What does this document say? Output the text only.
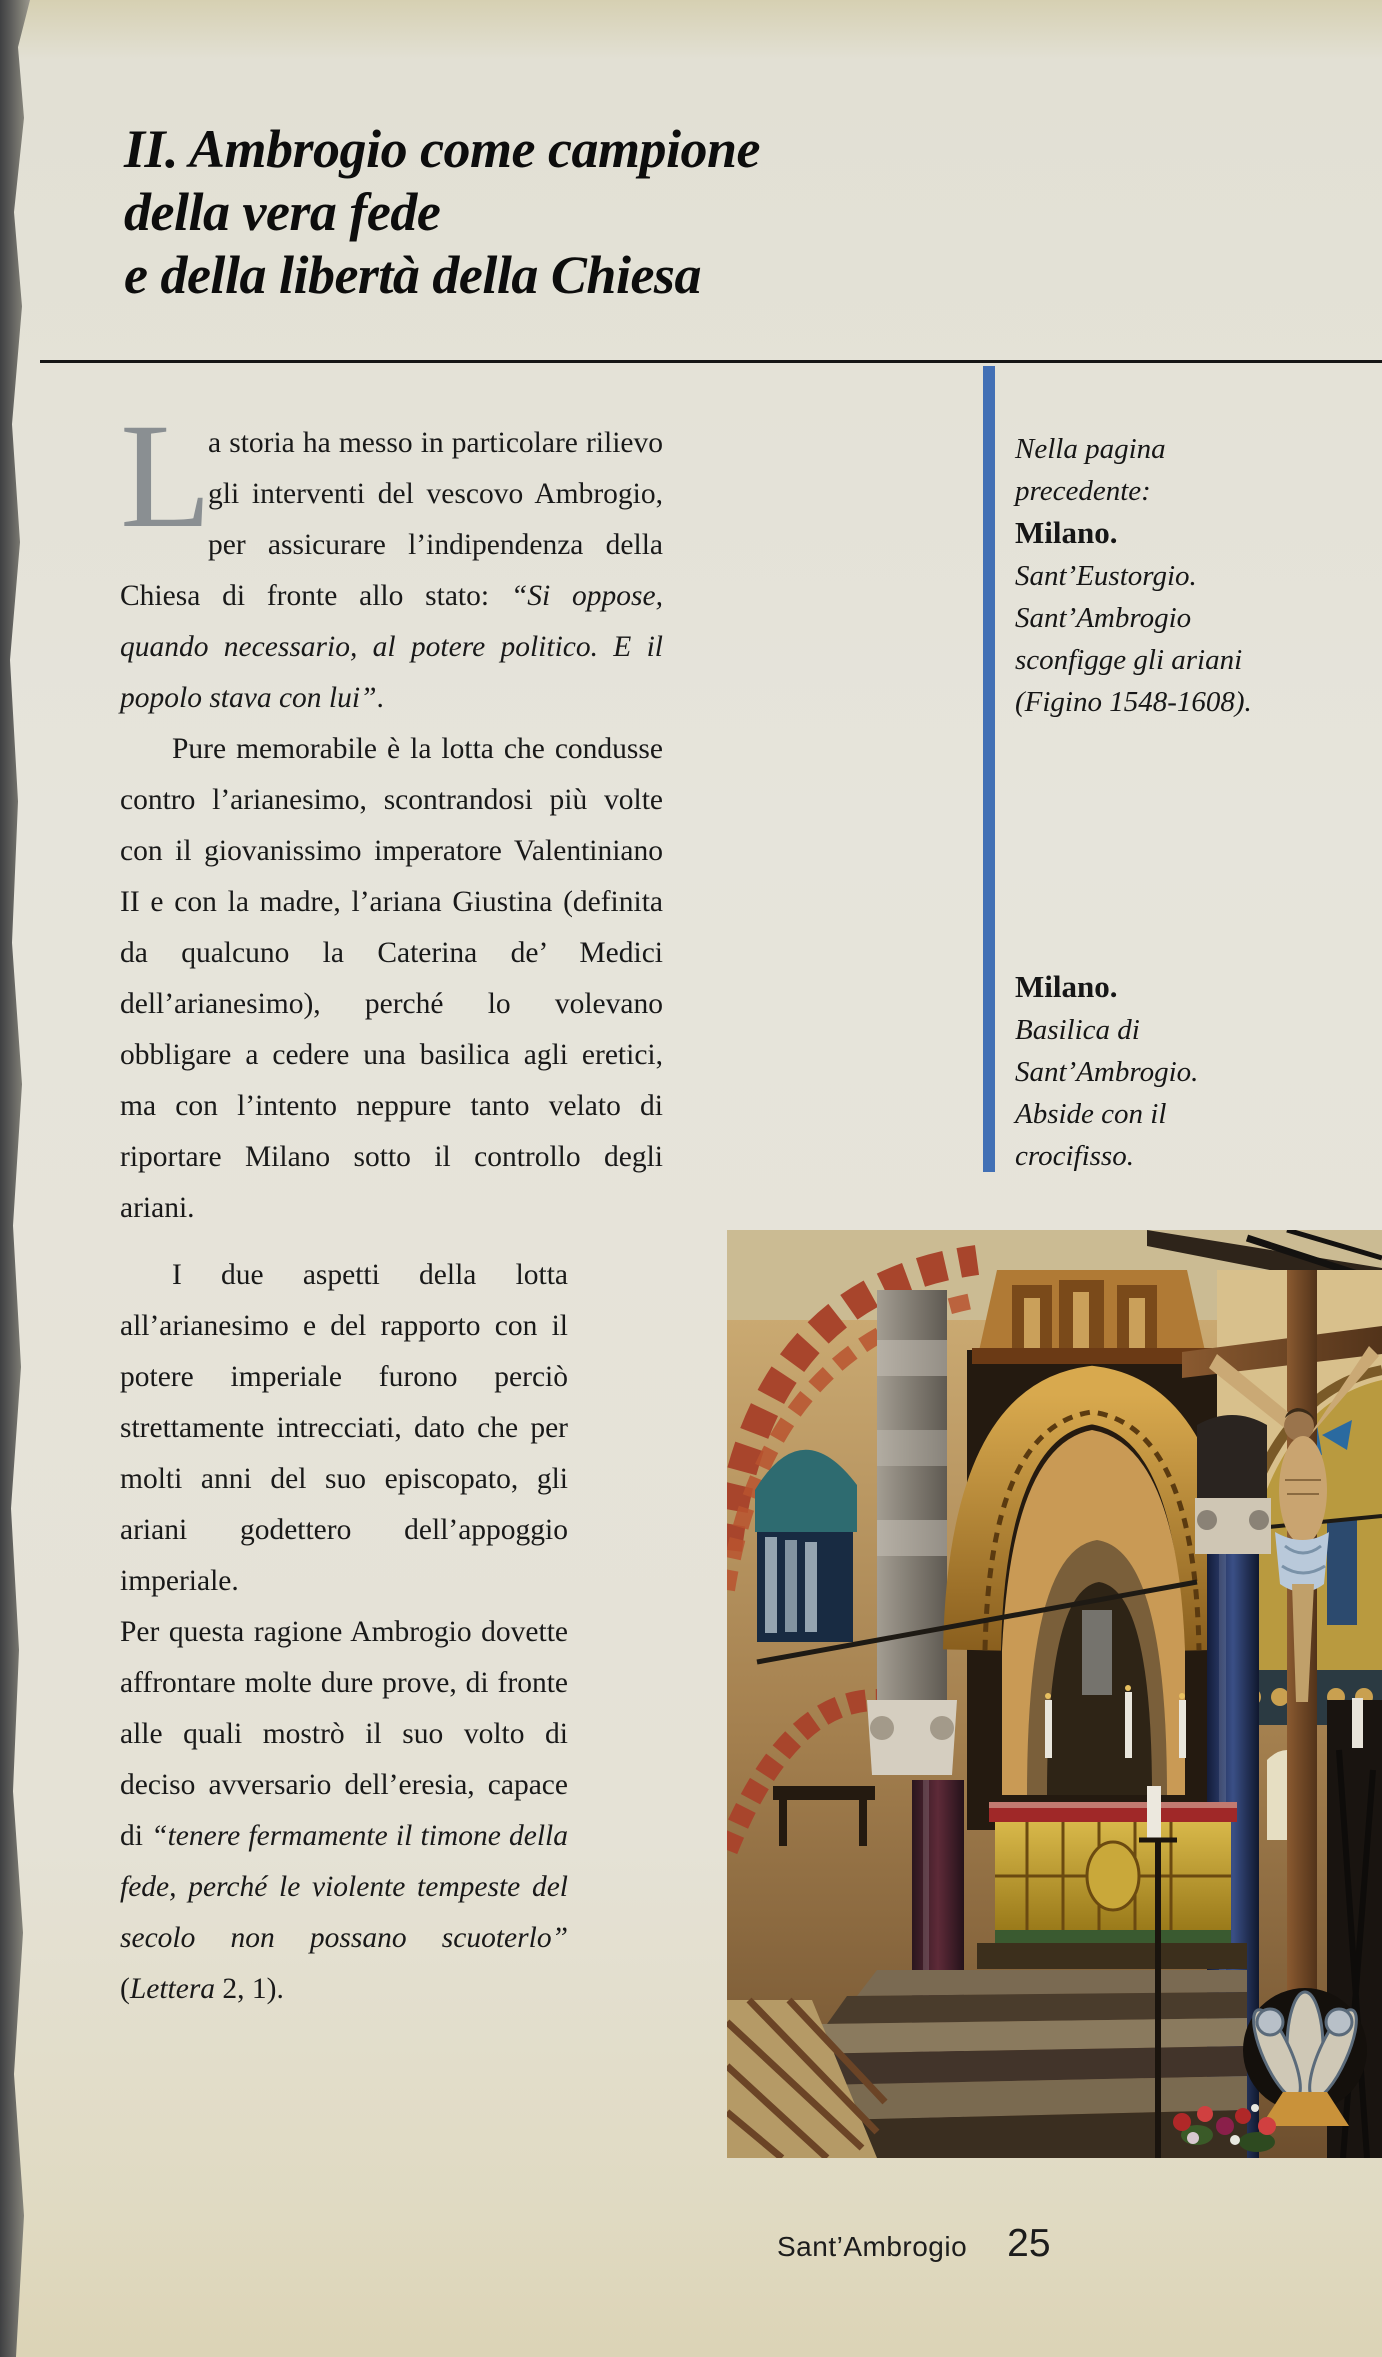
II. Ambrogio come campione
della vera fede
e della libertà della Chiesa

L
a storia ha messo in particolare rilievo gli interventi del vescovo Ambrogio, per assicurare l’indipendenza della Chiesa di fronte allo stato: “Si oppose, quando necessario, al potere politico. E il popolo stava con lui”.

Pure memorabile è la lotta che condusse contro l’arianesimo, scontrandosi più volte con il giovanissimo imperatore Valentiniano II e con la madre, l’ariana Giustina (definita da qualcuno la Caterina de’ Medici dell’arianesimo), perché lo volevano obbligare a cedere una basilica agli eretici, ma con l’intento neppure tanto velato di riportare Milano sotto il controllo degli ariani.

I due aspetti della lotta all’arianesimo e del rapporto con il potere imperiale furono perciò strettamente intrecciati, dato che per molti anni del suo episcopato, gli ariani godettero dell’appoggio imperiale.

Per questa ragione Ambrogio dovette affrontare molte dure prove, di fronte alle quali mostrò il suo volto di deciso avversario dell’eresia, capace di “tenere fermamente il timone della fede, perché le violente tempeste del secolo non possano scuoterlo” (Lettera 2, 1).

Nella pagina precedente:
Milano.
Sant’Eustorgio.
Sant’Ambrogio sconfigge gli ariani (Figino 1548-1608).
Milano.
Basilica di Sant’Ambrogio. Abside con il crocifisso.
Sant’Ambrogio 25
